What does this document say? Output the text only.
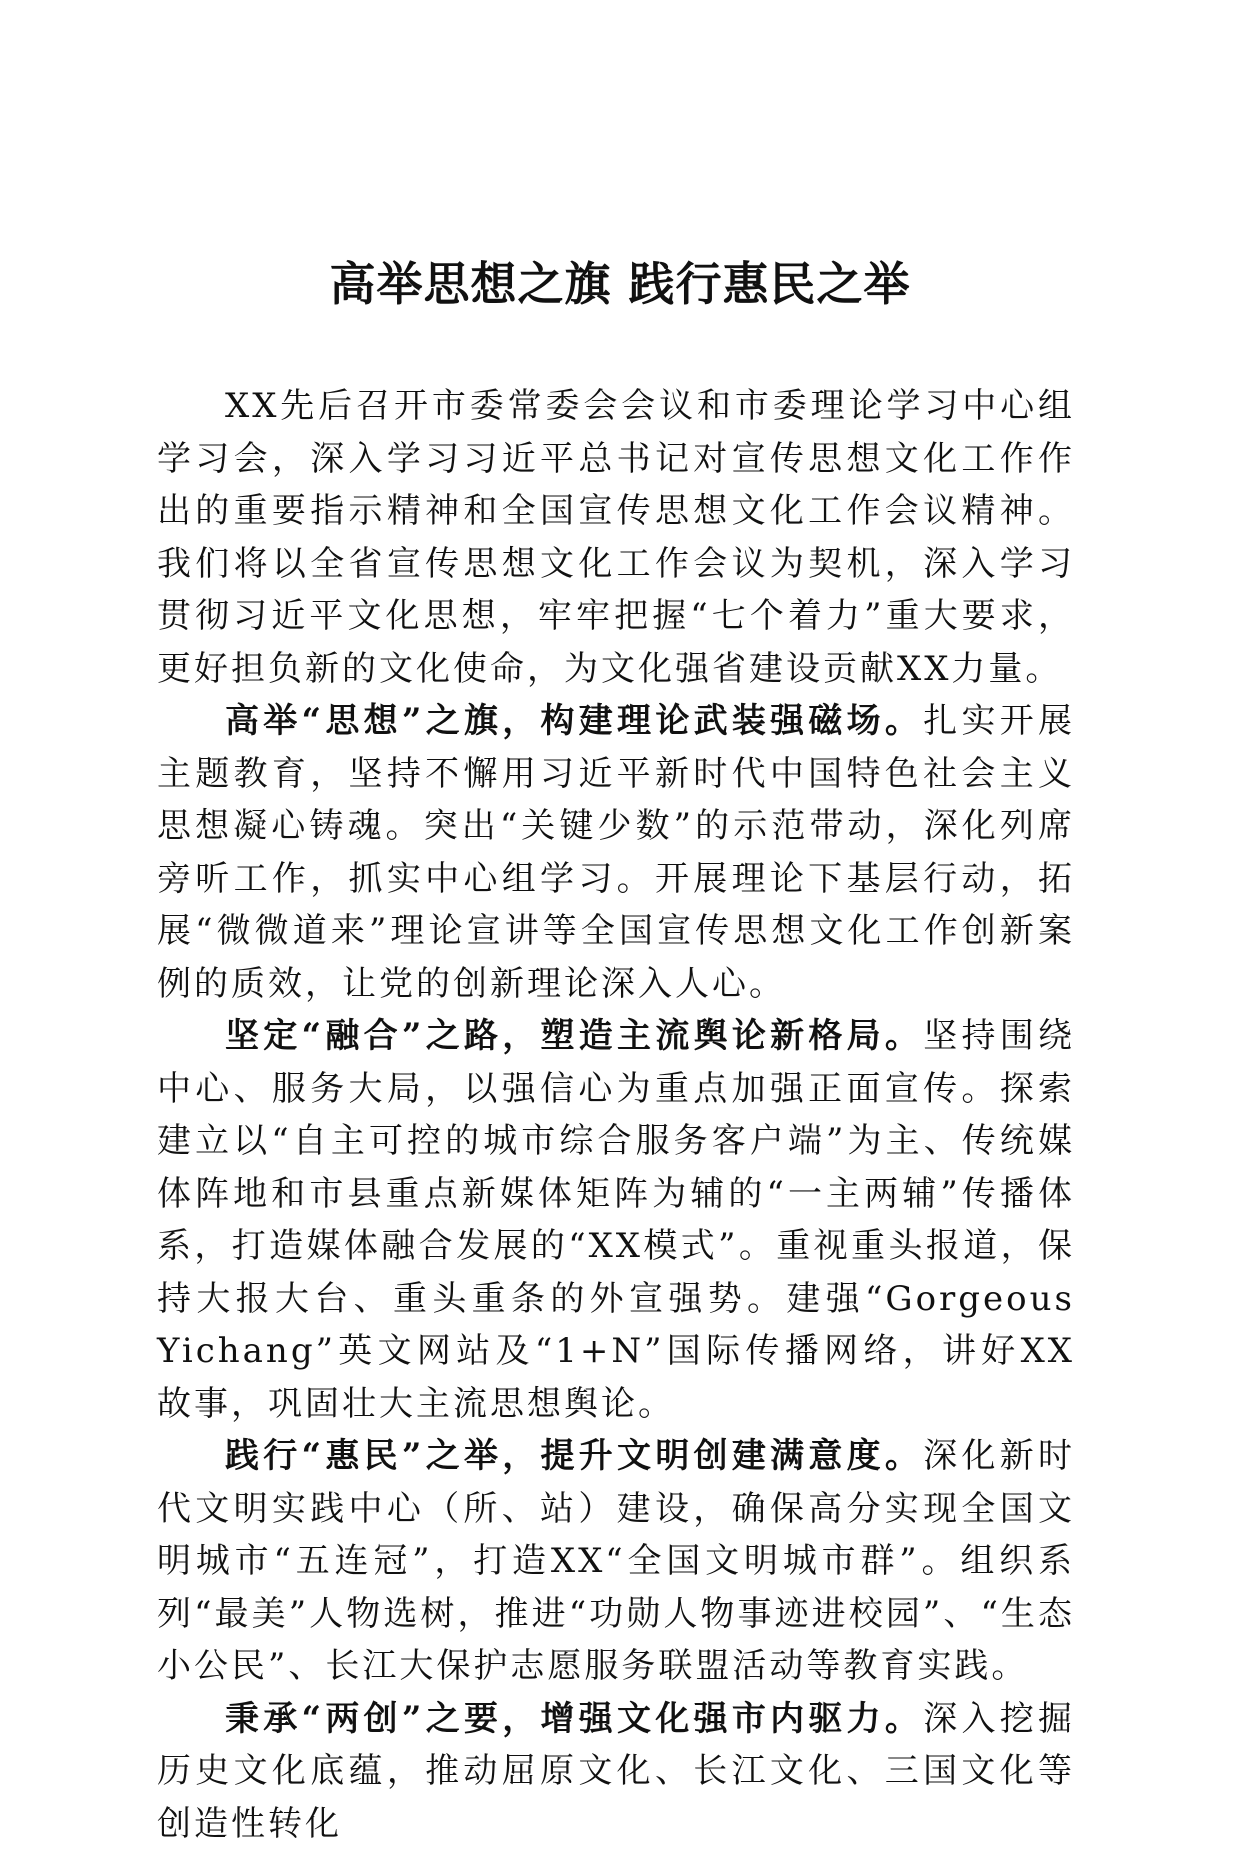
高举思想之旗 践行惠民之举

XX先后召开市委常委会会议和市委理论学习中心组学习会，深入学习习近平总书记对宣传思想文化工作作出的重要指示精神和全国宣传思想文化工作会议精神。我们将以全省宣传思想文化工作会议为契机，深入学习贯彻习近平文化思想，牢牢把握“七个着力”重大要求，更好担负新的文化使命，为文化强省建设贡献XX力量。

高举“思想”之旗，构建理论武装强磁场。扎实开展主题教育，坚持不懈用习近平新时代中国特色社会主义思想凝心铸魂。突出“关键少数”的示范带动，深化列席旁听工作，抓实中心组学习。开展理论下基层行动，拓展“微微道来”理论宣讲等全国宣传思想文化工作创新案例的质效，让党的创新理论深入人心。

坚定“融合”之路，塑造主流舆论新格局。坚持围绕中心、服务大局，以强信心为重点加强正面宣传。探索建立以“自主可控的城市综合服务客户端”为主、传统媒体阵地和市县重点新媒体矩阵为辅的“一主两辅”传播体系，打造媒体融合发展的“XX模式”。重视重头报道，保持大报大台、重头重条的外宣强势。建强“Gorgeous Yichang”英文网站及“1+N”国际传播网络，讲好XX故事，巩固壮大主流思想舆论。

践行“惠民”之举，提升文明创建满意度。深化新时代文明实践中心（所、站）建设，确保高分实现全国文明城市“五连冠”，打造XX“全国文明城市群”。组织系列“最美”人物选树，推进“功勋人物事迹进校园”、“生态小公民”、长江大保护志愿服务联盟活动等教育实践。

秉承“两创”之要，增强文化强市内驱力。深入挖掘历史文化底蕴，推动屈原文化、长江文化、三国文化等创造性转化
